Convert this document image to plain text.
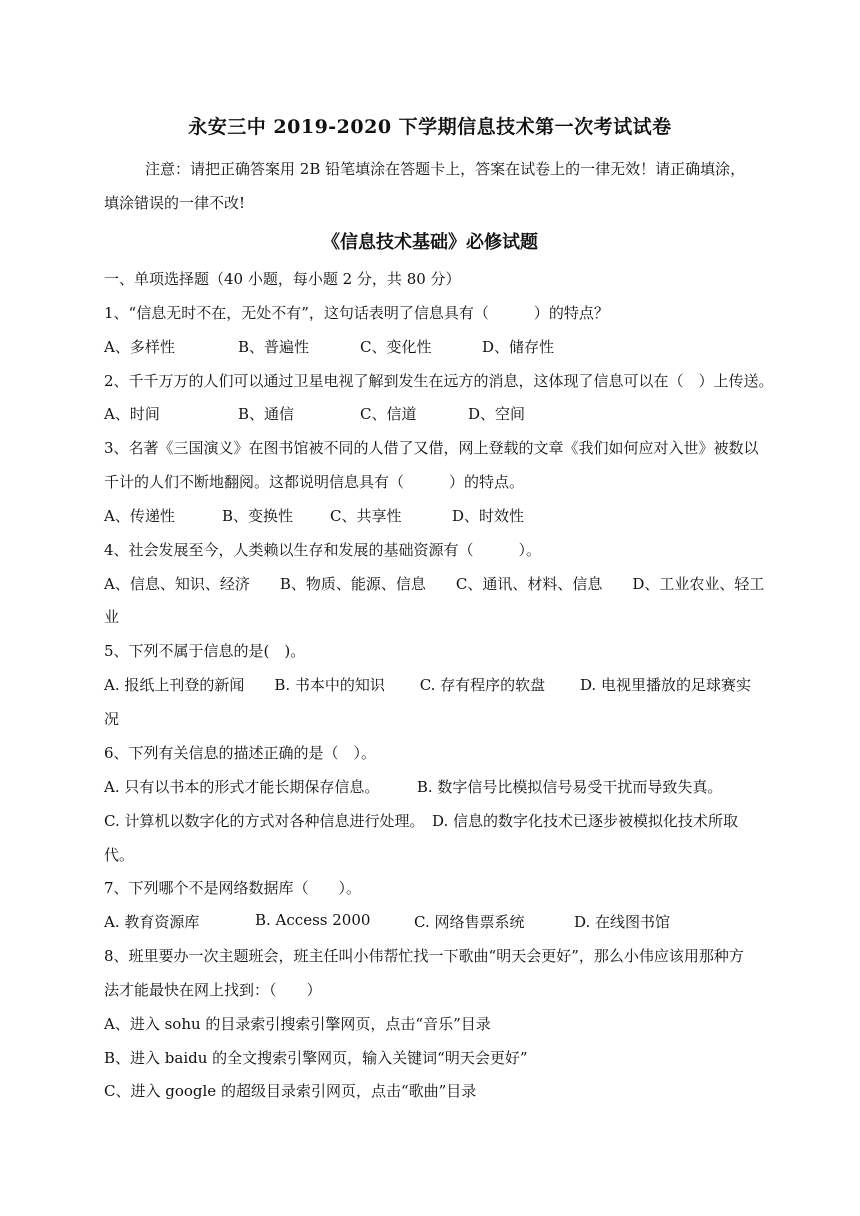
永安三中 2019-2020 下学期信息技术第一次考试试卷
注意：请把正确答案用 2B 铅笔填涂在答题卡上，答案在试卷上的一律无效！请正确填涂，
填涂错误的一律不改!
《信息技术基础》必修试题
一、单项选择题（40 小题，每小题 2 分，共 80 分）
1、“信息无时不在，无处不有”，这句话表明了信息具有（　　　）的特点？
A、多样性	B、普遍性	C、变化性	D、储存性
2、千千万万的人们可以通过卫星电视了解到发生在远方的消息，这体现了信息可以在（　）上传送。
A、时间	B、通信	C、信道	D、空间
3、名著《三国演义》在图书馆被不同的人借了又借，网上登载的文章《我们如何应对入世》被数以
千计的人们不断地翻阅。这都说明信息具有（　　　）的特点。
A、传递性	B、变换性 C、共享性	D、时效性
4、社会发展至今，人类赖以生存和发展的基础资源有（　　　）。
A、信息、知识、经济　　B、物质、能源、信息　　C、通讯、材料、信息　　D、工业农业、轻工
业
5、下列不属于信息的是(　)。
A. 报纸上刊登的新闻　　B. 书本中的知识　　 C. 存有程序的软盘　　 D. 电视里播放的足球赛实
况
6、下列有关信息的描述正确的是（　）。
A. 只有以书本的形式才能长期保存信息。　　　B. 数字信号比模拟信号易受干扰而导致失真。
C. 计算机以数字化的方式对各种信息进行处理。　D. 信息的数字化技术已逐步被模拟化技术所取
代。
7、下列哪个不是网络数据库（　　）。
A. 教育资源库	B. Access 2000	C. 网络售票系统	D. 在线图书馆
8、班里要办一次主题班会，班主任叫小伟帮忙找一下歌曲“明天会更好”，那么小伟应该用那种方
法才能最快在网上找到：（　　）
A、进入 sohu 的目录索引搜索引擎网页，点击“音乐”目录
B、进入 baidu 的全文搜索引擎网页，输入关键词“明天会更好”
C、进入 google 的超级目录索引网页，点击“歌曲”目录
